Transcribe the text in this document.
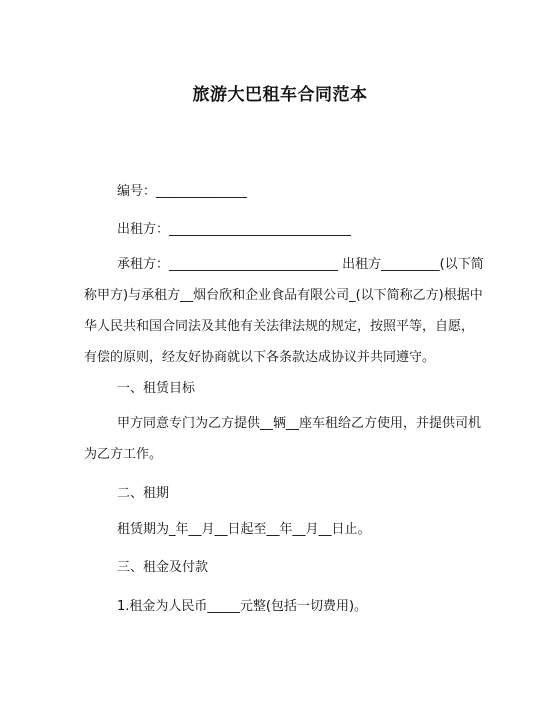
旅游大巴租车合同范本
编号：______________
出租方：____________________________
承租方：__________________________ 出租方_________(以下简称甲方)与承租方__烟台欣和企业食品有限公司_(以下简称乙方)根据中华人民共和国合同法及其他有关法律法规的规定，按照平等，自愿，有偿的原则，经友好协商就以下各条款达成协议并共同遵守。
一、租赁目标
甲方同意专门为乙方提供__辆__座车租给乙方使用，并提供司机为乙方工作。
二、租期
租赁期为_年__月__日起至__年__月__日止。
三、租金及付款
1.租金为人民币_____元整(包括一切费用)。
